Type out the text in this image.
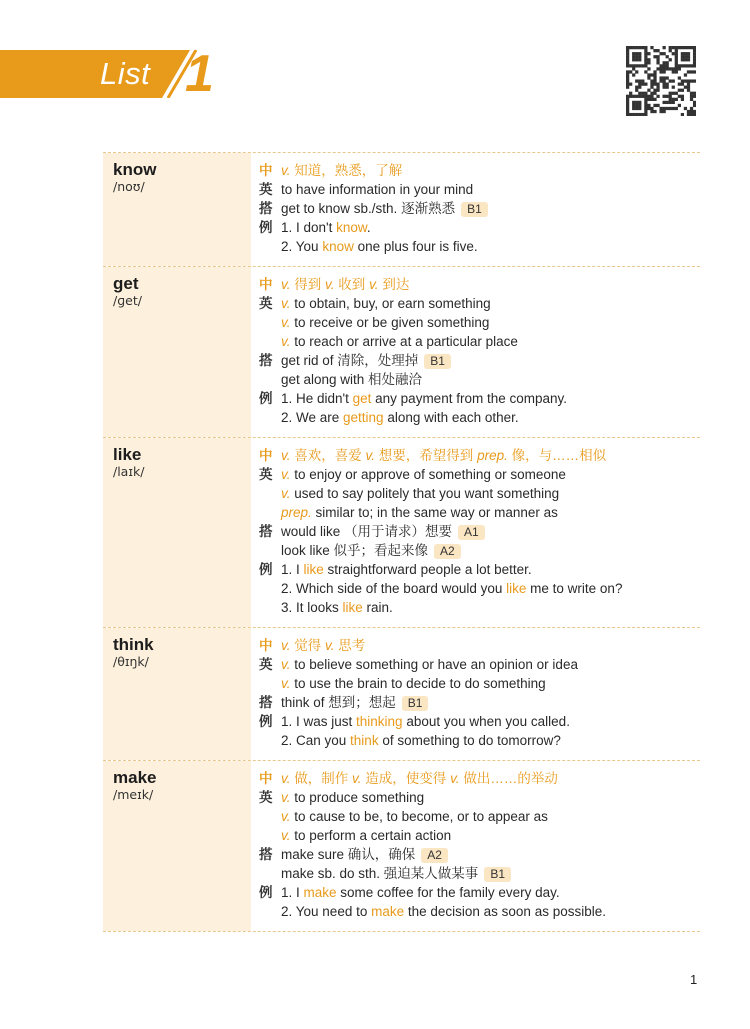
List 1
know
/noʊ/
中 v. 知道，熟悉，了解
英 to have information in your mind
搭 get to know sb./sth. 逐渐熟悉 B1
例 1. I don't know.
2. You know one plus four is five.
get
/ɡet/
中 v. 得到 v. 收到 v. 到达
英 v. to obtain, buy, or earn something
v. to receive or be given something
v. to reach or arrive at a particular place
搭 get rid of 清除，处理掉 B1
get along with 相处融洽
例 1. He didn't get any payment from the company.
2. We are getting along with each other.
like
/laɪk/
中 v. 喜欢，喜爱 v. 想要，希望得到 prep. 像，与……相似
英 v. to enjoy or approve of something or someone
v. used to say politely that you want something
prep. similar to; in the same way or manner as
搭 would like （用于请求）想要 A1
look like 似乎；看起来像 A2
例 1. I like straightforward people a lot better.
2. Which side of the board would you like me to write on?
3. It looks like rain.
think
/θɪŋk/
中 v. 觉得 v. 思考
英 v. to believe something or have an opinion or idea
v. to use the brain to decide to do something
搭 think of 想到；想起 B1
例 1. I was just thinking about you when you called.
2. Can you think of something to do tomorrow?
make
/meɪk/
中 v. 做，制作 v. 造成，使变得 v. 做出……的举动
英 v. to produce something
v. to cause to be, to become, or to appear as
v. to perform a certain action
搭 make sure 确认，确保 A2
make sb. do sth. 强迫某人做某事 B1
例 1. I make some coffee for the family every day.
2. You need to make the decision as soon as possible.
1
